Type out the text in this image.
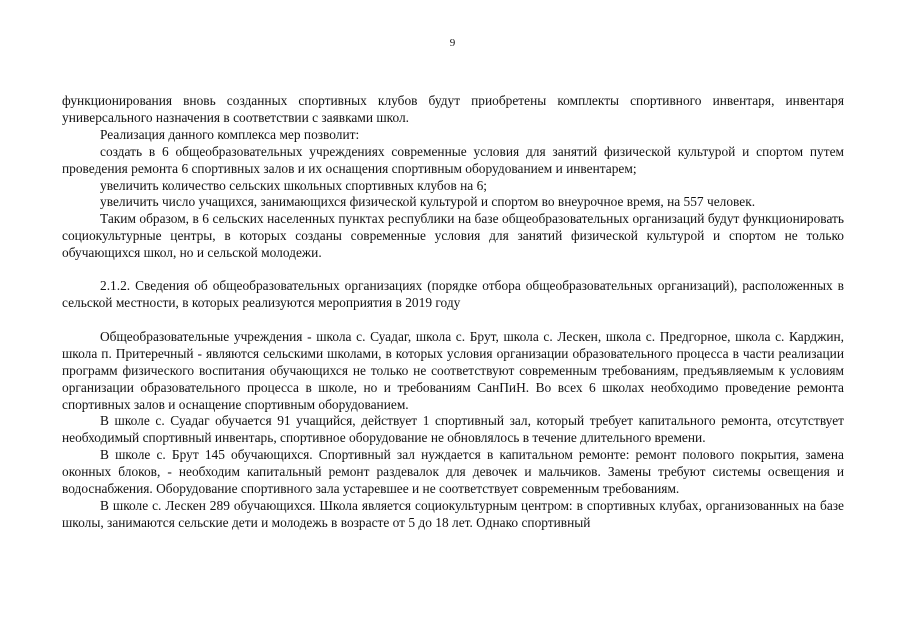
9

функционирования вновь созданных спортивных клубов будут приобретены комплекты спортивного инвентаря, инвентаря универсального назначения в соответствии с заявками школ.

Реализация данного комплекса мер позволит:

создать в 6 общеобразовательных учреждениях современные условия для занятий физической культурой и спортом путем проведения ремонта 6 спортивных залов и их оснащения спортивным оборудованием и инвентарем;

увеличить количество сельских школьных спортивных клубов на 6;

увеличить число учащихся, занимающихся физической культурой и спортом во внеурочное время, на 557 человек.

Таким образом, в 6 сельских населенных пунктах республики на базе общеобразовательных организаций будут функционировать социокультурные центры, в которых созданы современные условия для занятий физической культурой и спортом не только обучающихся школ, но и сельской молодежи.

2.1.2. Сведения об общеобразовательных организациях (порядке отбора общеобразовательных организаций), расположенных в сельской местности, в которых реализуются мероприятия в 2019 году

Общеобразовательные учреждения - школа с. Суадаг, школа с. Брут, школа с. Лескен, школа с. Предгорное, школа с. Карджин, школа п. Притеречный - являются сельскими школами, в которых условия организации образовательного процесса в части реализации программ физического воспитания обучающихся не только не соответствуют современным требованиям, предъявляемым к условиям организации образовательного процесса в школе, но и требованиям СанПиН. Во всех 6 школах необходимо проведение ремонта спортивных залов и оснащение спортивным оборудованием.

В школе с. Суадаг обучается 91 учащийся, действует 1 спортивный зал, который требует капитального ремонта, отсутствует необходимый спортивный инвентарь, спортивное оборудование не обновлялось в течение длительного времени.

В школе с. Брут 145 обучающихся. Спортивный зал нуждается в капитальном ремонте: ремонт полового покрытия, замена оконных блоков, - необходим капитальный ремонт раздевалок для девочек и мальчиков. Замены требуют системы освещения и водоснабжения. Оборудование спортивного зала устаревшее и не соответствует современным требованиям.

В школе с. Лескен 289 обучающихся. Школа является социокультурным центром: в спортивных клубах, организованных на базе школы, занимаются сельские дети и молодежь в возрасте от 5 до 18 лет. Однако спортивный
